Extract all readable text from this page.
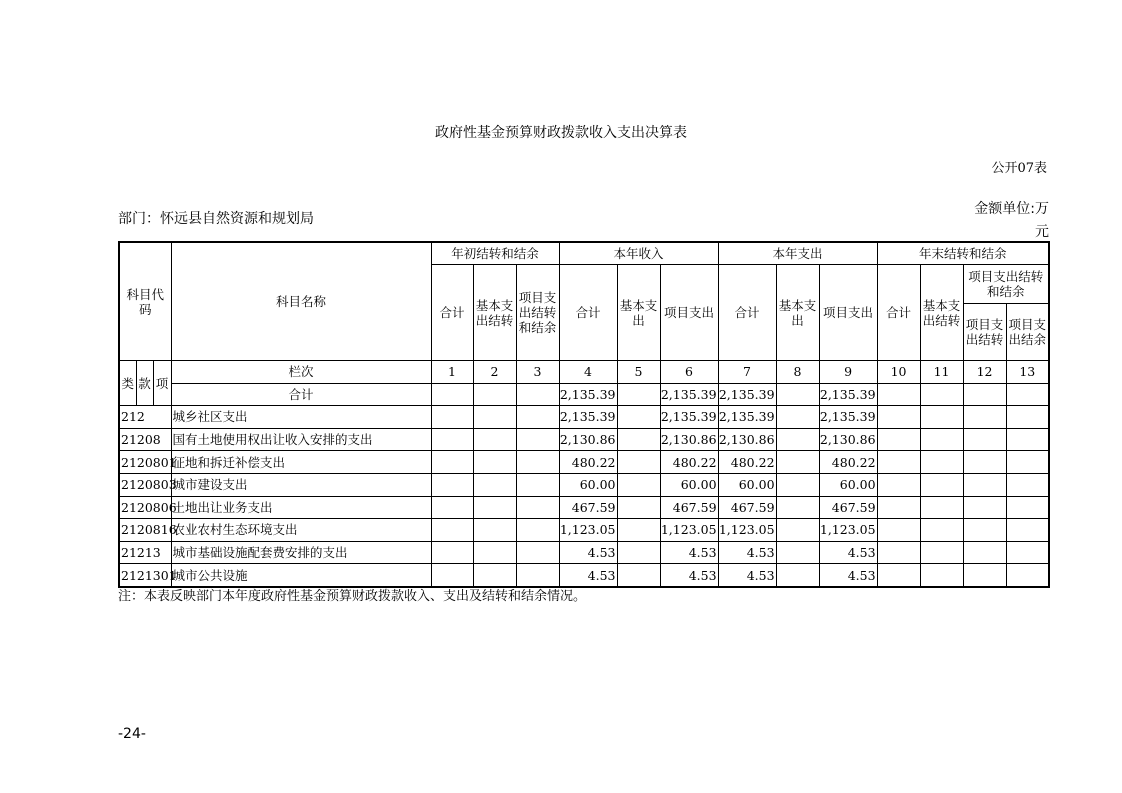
政府性基金预算财政拨款收入支出决算表
公开07表
部门：怀远县自然资源和规划局
金额单位:万
元
科目代
码			科目名称	年初结转和结余			本年收入			本年支出			年末结转和结余			
				合计	基本支出结转	项目支出结转和结余	合计	基本支出	项目支出	合计	基本支出	项目支出	合计	基本支出结转	项目支出结转和结余	
															项目支出结转	项目支出结余
类	款	项	栏次	1	2	3	4	5	6	7	8	9	10	11	12	13
			合计				2,135.39		2,135.39	2,135.39		2,135.39				
212			城乡社区支出				2,135.39		2,135.39	2,135.39		2,135.39				
21208			国有土地使用权出让收入安排的支出				2,130.86		2,130.86	2,130.86		2,130.86				
2120801			征地和拆迁补偿支出				480.22		480.22	480.22		480.22				
2120803			城市建设支出				60.00		60.00	60.00		60.00				
2120806			土地出让业务支出				467.59		467.59	467.59		467.59				
2120816			农业农村生态环境支出				1,123.05		1,123.05	1,123.05		1,123.05				
21213			城市基础设施配套费安排的支出				4.53		4.53	4.53		4.53				
2121301			城市公共设施				4.53		4.53	4.53		4.53				
注：本表反映部门本年度政府性基金预算财政拨款收入、支出及结转和结余情况。
-24-
